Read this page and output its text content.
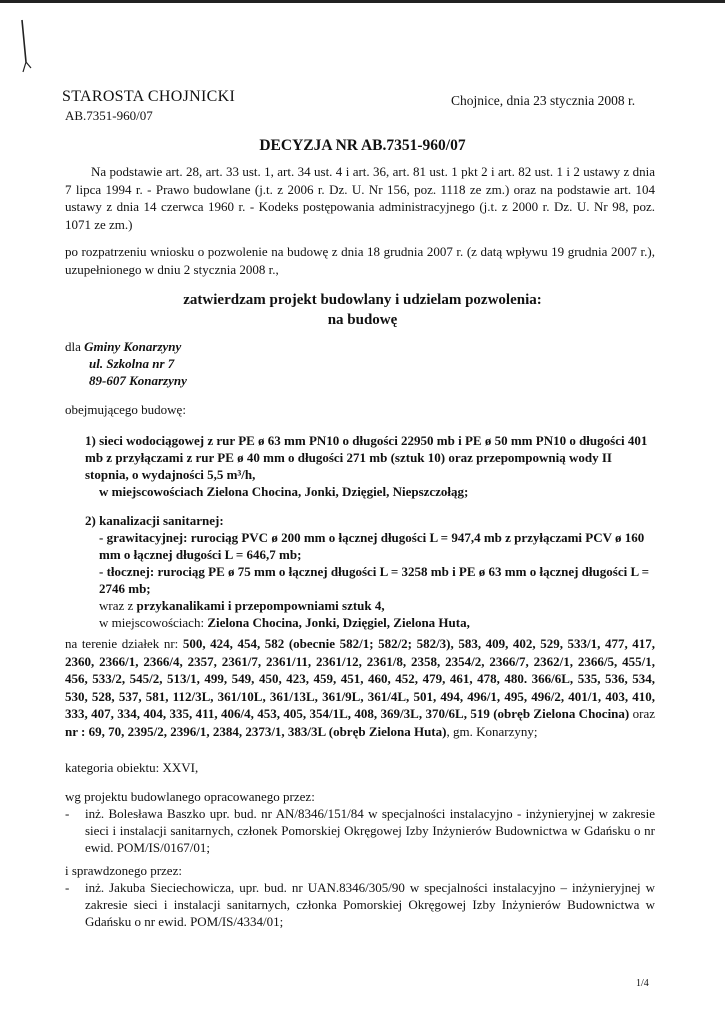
STAROSTA CHOJNICKI
AB.7351-960/07
Chojnice, dnia 23 stycznia 2008 r.
DECYZJA NR AB.7351-960/07
Na podstawie art. 28, art. 33 ust. 1, art. 34 ust. 4 i art. 36, art. 81 ust. 1 pkt 2 i art. 82 ust. 1 i 2 ustawy z dnia 7 lipca 1994 r. - Prawo budowlane (j.t. z 2006 r. Dz. U. Nr 156, poz. 1118 ze zm.) oraz na podstawie art. 104 ustawy z dnia 14 czerwca 1960 r. - Kodeks postępowania administracyjnego (j.t. z 2000 r. Dz. U. Nr 98, poz. 1071 ze zm.)
po rozpatrzeniu wniosku o pozwolenie na budowę z dnia 18 grudnia 2007 r. (z datą wpływu 19 grudnia 2007 r.), uzupełnionego w dniu 2 stycznia 2008 r.,
zatwierdzam projekt budowlany i udzielam pozwolenia:
na budowę
dla Gminy Konarzyny
ul. Szkolna nr 7
89-607 Konarzyny
obejmującego budowę:
1) sieci wodociągowej z rur PE ø 63 mm PN10 o długości 22950 mb i PE ø 50 mm PN10 o długości 401 mb z przyłączami z rur PE ø 40 mm o długości 271 mb (sztuk 10) oraz przepompownią wody II stopnia, o wydajności 5,5 m³/h,
w miejscowościach Zielona Chocina, Jonki, Dzięgiel, Niepszczołąg;
2) kanalizacji sanitarnej:
- grawitacyjnej: rurociąg PVC ø 200 mm o łącznej długości L = 947,4 mb z przyłączami PCV ø 160 mm o łącznej długości L = 646,7 mb;
- tłocznej: rurociąg PE ø 75 mm o łącznej długości L = 3258 mb i PE ø 63 mm o łącznej długości L = 2746 mb;
wraz z przykanalikami i przepompowniami sztuk 4,
w miejscowościach: Zielona Chocina, Jonki, Dzięgiel, Zielona Huta,
na terenie działek nr: 500, 424, 454, 582 (obecnie 582/1; 582/2; 582/3), 583, 409, 402, 529, 533/1, 477, 417, 2360, 2366/1, 2366/4, 2357, 2361/7, 2361/11, 2361/12, 2361/8, 2358, 2354/2, 2366/7, 2362/1, 2366/5, 455/1, 456, 533/2, 545/2, 513/1, 499, 549, 450, 423, 459, 451, 460, 452, 479, 461, 478, 480. 366/6L, 535, 536, 534, 530, 528, 537, 581, 112/3L, 361/10L, 361/13L, 361/9L, 361/4L, 501, 494, 496/1, 495, 496/2, 401/1, 403, 410, 333, 407, 334, 404, 335, 411, 406/4, 453, 405, 354/1L, 408, 369/3L, 370/6L, 519 (obręb Zielona Chocina) oraz nr : 69, 70, 2395/2, 2396/1, 2384, 2373/1, 383/3L (obręb Zielona Huta), gm. Konarzyny;
kategoria obiektu: XXVI,
wg projektu budowlanego opracowanego przez:
-	inż. Bolesława Baszko upr. bud. nr AN/8346/151/84 w specjalności instalacyjno - inżynieryjnej w zakresie sieci i instalacji sanitarnych, członek Pomorskiej Okręgowej Izby Inżynierów Budownictwa w Gdańsku o nr ewid. POM/IS/0167/01;
i sprawdzonego przez:
-	inż. Jakuba Sieciechowicza, upr. bud. nr UAN.8346/305/90 w specjalności instalacyjno – inżynieryjnej w zakresie sieci i instalacji sanitarnych, członka Pomorskiej Okręgowej Izby Inżynierów Budownictwa w Gdańsku o nr ewid. POM/IS/4334/01;
1/4
